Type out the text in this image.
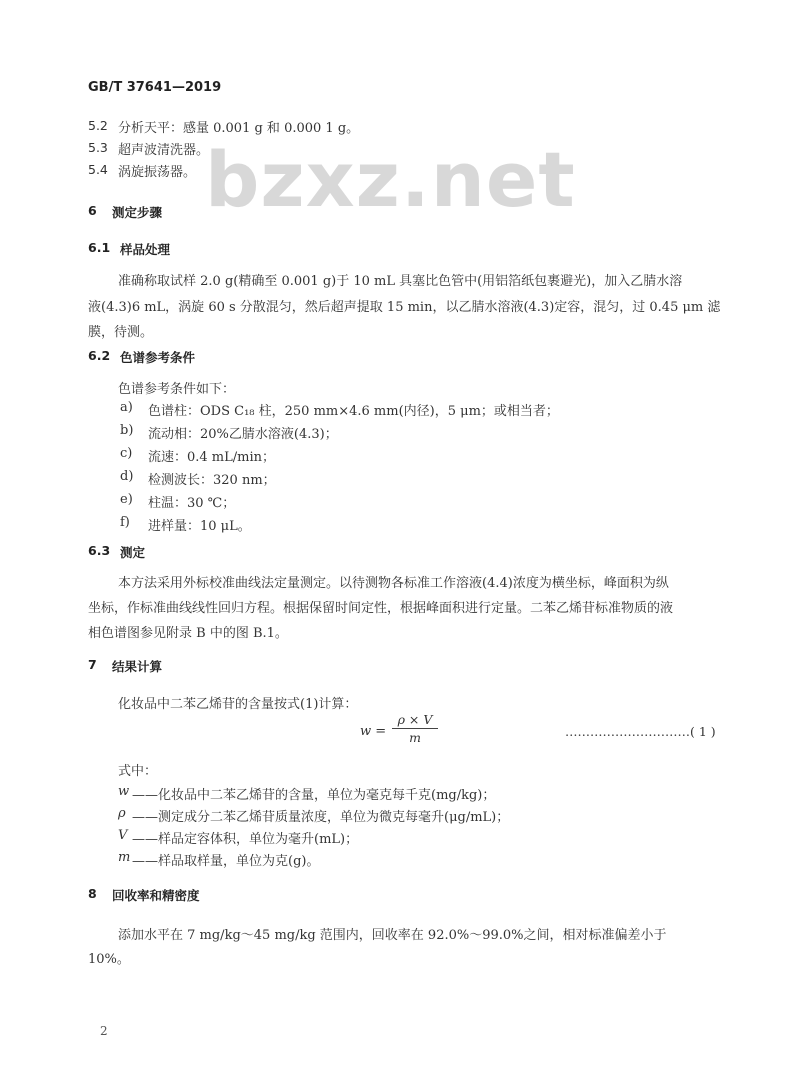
bzxz.net
GB/T 37641—2019
5.2 分析天平：感量 0.001 g 和 0.000 1 g。
5.3 超声波清洗器。
5.4 涡旋振荡器。
6 测定步骤
6.1 样品处理
准确称取试样 2.0 g(精确至 0.001 g)于 10 mL 具塞比色管中(用铝箔纸包裹避光)，加入乙腈水溶
液(4.3)6 mL，涡旋 60 s 分散混匀，然后超声提取 15 min，以乙腈水溶液(4.3)定容，混匀，过 0.45 μm 滤
膜，待测。
6.2 色谱参考条件
色谱参考条件如下：
a) 色谱柱：ODS C₁₈ 柱，250 mm×4.6 mm(内径)，5 μm；或相当者；
b) 流动相：20%乙腈水溶液(4.3)；
c) 流速：0.4 mL/min；
d) 检测波长：320 nm；
e) 柱温：30 ℃；
f) 进样量：10 μL。
6.3 测定
本方法采用外标校准曲线法定量测定。以待测物各标准工作溶液(4.4)浓度为横坐标，峰面积为纵
坐标，作标准曲线线性回归方程。根据保留时间定性，根据峰面积进行定量。二苯乙烯苷标准物质的液
相色谱图参见附录 B 中的图 B.1。
7 结果计算
化妆品中二苯乙烯苷的含量按式(1)计算：
w =
ρ × V
m	…………………………( 1 )
式中：
w ——化妆品中二苯乙烯苷的含量，单位为毫克每千克(mg/kg)；
ρ ——测定成分二苯乙烯苷质量浓度，单位为微克每毫升(μg/mL)；
V ——样品定容体积，单位为毫升(mL)；
m ——样品取样量，单位为克(g)。
8 回收率和精密度
添加水平在 7 mg/kg～45 mg/kg 范围内，回收率在 92.0%～99.0%之间，相对标准偏差小于
10%。
2
